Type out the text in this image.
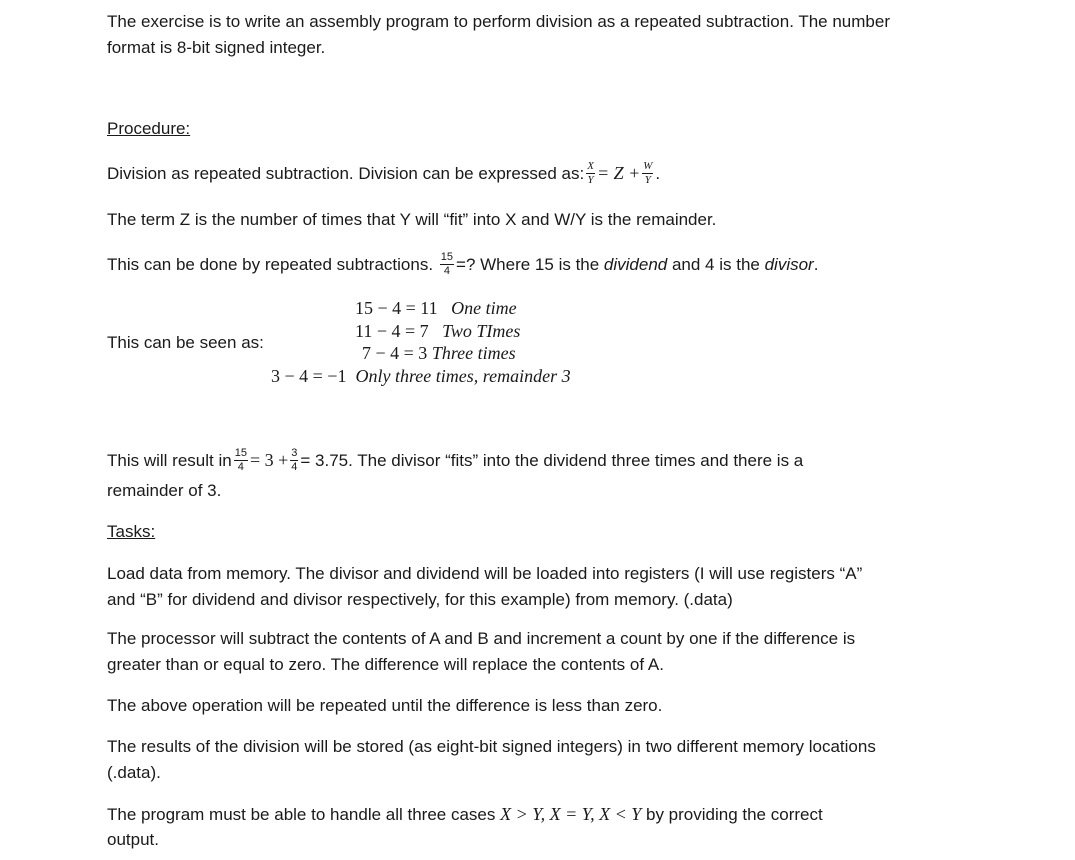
The exercise is to write an assembly program to perform division as a repeated subtraction. The number
format is 8-bit signed integer.
Procedure:
Division as repeated subtraction. Division can be expressed as: $\frac{X}{Y} = Z + \frac{W}{Y}$ .
The term Z is the number of times that Y will “fit” into X and W/Y is the remainder.
This can be done by repeated subtractions. $\frac{15}{4}$ =? Where 15 is the dividend and 4 is the divisor.
This can be seen as:
15 − 4 = 11 One time
11 − 4 = 7 Two TImes
7 − 4 = 3 Three times
3 − 4 = −1 Only three times, remainder 3
This will result in $\frac{15}{4} = 3 + \frac{3}{4} = 3.75$. The divisor “fits” into the dividend three times and there is a
remainder of 3.
Tasks:
Load data from memory. The divisor and dividend will be loaded into registers (I will use registers “A”
and “B” for dividend and divisor respectively, for this example) from memory. (.data)
The processor will subtract the contents of A and B and increment a count by one if the difference is
greater than or equal to zero. The difference will replace the contents of A.
The above operation will be repeated until the difference is less than zero.
The results of the division will be stored (as eight-bit signed integers) in two different memory locations
(.data).
The program must be able to handle all three cases X > Y, X = Y, X < Y by providing the correct
output.
